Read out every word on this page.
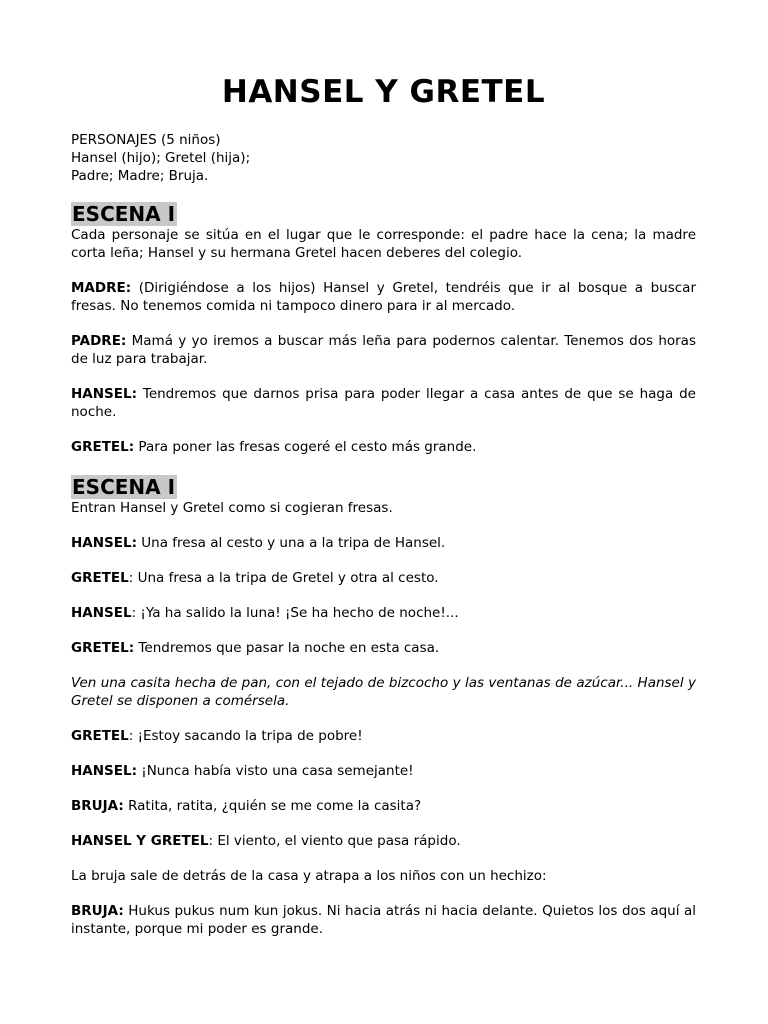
HANSEL Y GRETEL
PERSONAJES (5 niños)
Hansel (hijo); Gretel (hija);
Padre; Madre; Bruja.
ESCENA I

Cada personaje se sitúa en el lugar que le corresponde: el padre hace la cena; la madre corta leña; Hansel y su hermana Gretel hacen deberes del colegio.

MADRE: (Dirigiéndose a los hijos) Hansel y Gretel, tendréis que ir al bosque a buscar fresas. No tenemos comida ni tampoco dinero para ir al mercado.

PADRE: Mamá y yo iremos a buscar más leña para podernos calentar. Tenemos dos horas de luz para trabajar.

HANSEL: Tendremos que darnos prisa para poder llegar a casa antes de que se haga de noche.

GRETEL: Para poner las fresas cogeré el cesto más grande.

ESCENA I

Entran Hansel y Gretel como si cogieran fresas.

HANSEL: Una fresa al cesto y una a la tripa de Hansel.

GRETEL: Una fresa a la tripa de Gretel y otra al cesto.

HANSEL: ¡Ya ha salido la luna! ¡Se ha hecho de noche!...

GRETEL: Tendremos que pasar la noche en esta casa.

Ven una casita hecha de pan, con el tejado de bizcocho y las ventanas de azúcar... Hansel y Gretel se disponen a comérsela.

GRETEL: ¡Estoy sacando la tripa de pobre!

HANSEL: ¡Nunca había visto una casa semejante!

BRUJA: Ratita, ratita, ¿quién se me come la casita?

HANSEL Y GRETEL: El viento, el viento que pasa rápido.

La bruja sale de detrás de la casa y atrapa a los niños con un hechizo:

BRUJA: Hukus pukus num kun jokus. Ni hacia atrás ni hacia delante. Quietos los dos aquí al instante, porque mi poder es grande.
